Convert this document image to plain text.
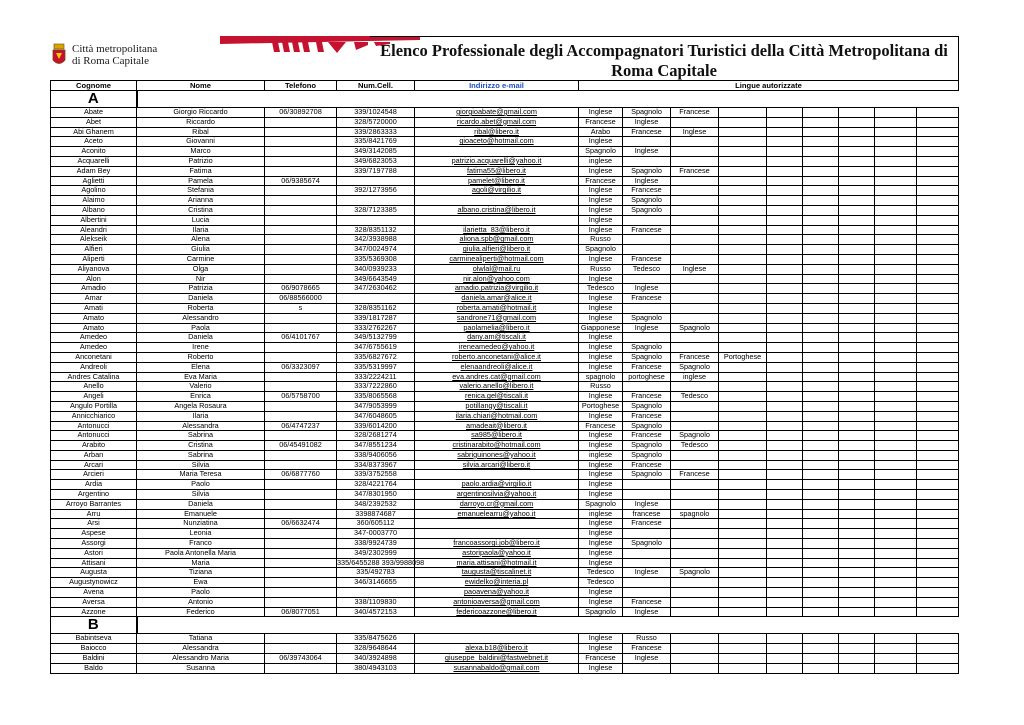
Città metropolitana
di Roma Capitale
Elenco Professionale degli Accompagnatori Turistici della Città Metropolitana di Roma Capitale
Cognome	Nome	Telefono	Num.Cell.	Indirizzo e-mail	Lingue autorizzate								
A													
Abate	Giorgio Riccardo	06/30892708	339/1024548	giorgioabate@gmail.com	Inglese	Spagnolo	Francese						
Abet	Riccardo		328/5720000	ricardo.abet@gmail.com	Francese	Inglese							
Abi Ghanem	Ribal		339/2863333	ribal@libero.it	Arabo	Francese	Inglese						
Aceto	Giovanni		335/8421769	gioaceto@hotmail.com	Inglese								
Aconito	Marco		349/3142085		Spagnolo	Inglese							
Acquarelli	Patrizio		349/6823053	patrizio.acquarelli@yahoo.it	inglese								
Adam Bey	Fatima		339/7197788	fatima55@libero.it	Inglese	Spagnolo	Francese						
Aglietti	Pamela	06/9385674		pamelet@libero.it	Francese	Inglese							
Agolino	Stefania		392/1273956	agoli@virgilio.it	Inglese	Francese							
Alaimo	Arianna				Inglese	Spagnolo							
Albano	Cristina		328/7123385	albano.cristina@libero.it	Inglese	Spagnolo							
Albertini	Lucia				Inglese								
Aleandri	Ilaria		328/8351132	ilarietta_83@libero.it	Inglese	Francese							
Alekseik	Alena		342/3938988	aliona.spb@gmail.com	Russo								
Alfieri	Giulia		347/0024974	giulia.alfieri@libero.it	Spagnolo								
Aliperti	Carmine		335/5369308	carminealiperti@hotmail.com	Inglese	Francese							
Aliyanova	Olga		340/0939233	olwlal@mail.ru	Russo	Tedesco	Inglese						
Alon	Nir		349/6643549	nir.alon@yahoo.com	Inglese								
Amadio	Patrizia	06/9078665	347/2630462	amadio.patrizia@virgilio.it	Tedesco	Inglese							
Amar	Daniela	06/88566000		daniela.amar@alice.it	Inglese	Francese							
Amati	Roberta	s	328/8351162	roberta.amati@hotmail.it	Inglese								
Amato	Alessandro		339/1817287	sandrone71@gmail.com	Inglese	Spagnolo							
Amato	Paola		333/2762267	paolamelia@libero.it	Giapponese	Inglese	Spagnolo						
Amedeo	Daniela	06/4101767	349/5132799	dany.am@tiscali.it	Inglese								
Amedeo	Irene		347/6755619	ireneamedeo@yahoo.it	Inglese	Spagnolo							
Anconetani	Roberto		335/6827672	roberto.anconetani@alice.it	Inglese	Spagnolo	Francese	Portoghese					
Andreoli	Elena	06/3323097	335/5319997	elenaandreoli@alice.it	Inglese	Francese	Spagnolo						
Andres Catalina	Eva Maria		333/2224211	eva.andres.cat@gmail.com	spagnolo	portoghese	inglese						
Anello	Valerio		333/7222860	valerio.anello@libero.it	Russo								
Angeli	Enrica	06/5758700	335/8065568	renica.gel@tiscali.it	Inglese	Francese	Tedesco						
Angulo Portilla	Angela Rosaura		347/9053999	potillangy@tiscali.it	Portoghese	Spagnolo							
Annicchiarico	Ilaria		347/6048605	ilaria.chiari@hotmail.com	Inglese	Francese							
Antonucci	Alessandra	06/4747237	339/6014200	amadeait@libero.it	Francese	Spagnolo							
Antonucci	Sabrina		328/2681274	sa985@libero.it	Inglese	Francese	Spagnolo						
Arabito	Cristina	06/45491082	347/8551234	cristinarabito@hotmail.com	Inglese	Spagnolo	Tedesco						
Arban	Sabrina		338/9406056	sabriguinones@yahoo.it	inglese	Spagnolo							
Arcari	Silvia		334/8373967	silvia.arcari@libero.it	Inglese	Francese							
Arcieri	Maria Teresa	06/6877760	339/3752558		Inglese	Spagnolo	Francese						
Ardia	Paolo		328/4221764	paolo.ardia@virgilio.it	Inglese								
Argentino	Silvia		347/8301950	argentinosilvia@yahoo.it	Inglese								
Arroyo Barrantes	Daniela		348/2392532	darroyo.cr@gmail.com	Spagnolo	Inglese							
Arru	Emanuele		3398874687	emanuelearru@yahoo.it	inglese	francese	spagnolo						
Arsi	Nunziatina	06/6632474	360/605112		Inglese	Francese							
Aspese	Leonia		347-0003770		Inglese								
Assorgi	Franco		338/9924739	francoassorgi.job@libero.it	Inglese	Spagnolo							
Astori	Paola Antonella Maria		349/2302999	astoripaola@yahoo.it	Inglese								
Attisani	Maria		335/6455288 393/9988098	maria.attisani@hotmail.it	Inglese								
Augusta	Tiziana		335/492783	taugusta@tiscalinet.it	Tedesco	Inglese	Spagnolo						
Augustynowicz	Ewa		346/3146655	ewidelko@interia.pl	Tedesco								
Avena	Paolo			paoavena@yahoo.it	Inglese								
Aversa	Antonio		338/1109830	antonioaversa@gmail.com	Inglese	Francese							
Azzone	Federico	06/8077051	340/4572153	federicoazzone@libero.it	Spagnolo	Inglese							
B													
Babintseva	Tatiana		335/8475626		Inglese	Russo							
Baiocco	Alessandra		328/9648644	alexa.b18@libero.it	Inglese	Francese							
Baldini	Alessandro Maria	06/39743064	340/3924898	giuseppe_baldini@fastwebnet.it	Francese	Inglese							
Baldo	Susanna		380/4943103	susannabaldo@gmail.com	Inglese								
